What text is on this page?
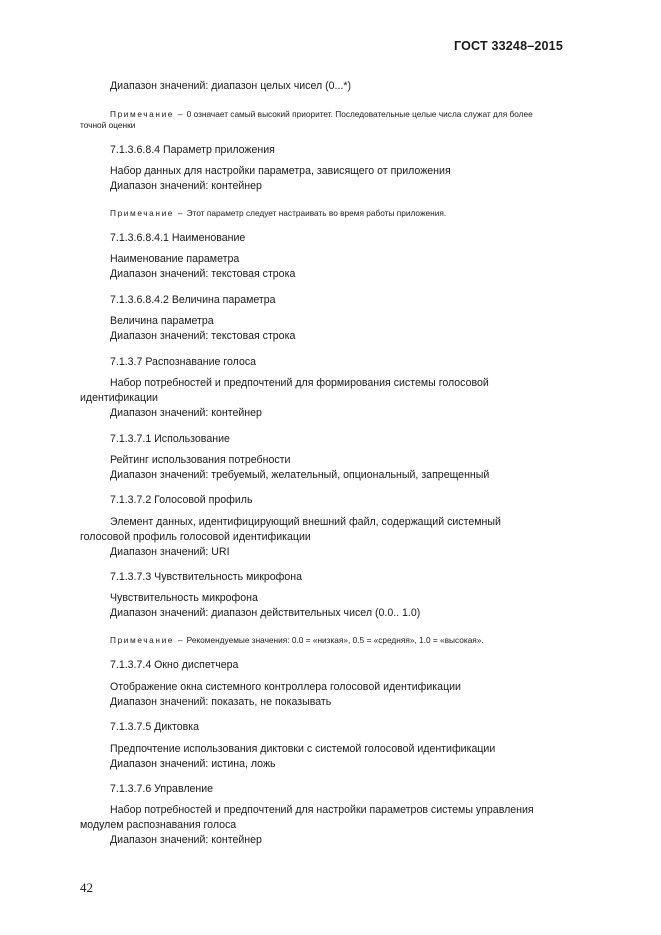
ГОСТ 33248–2015
Диапазон значений: диапазон целых чисел (0...*)
Примечание – 0 означает самый высокий приоритет. Последовательные целые числа служат для более
точной оценки
7.1.3.6.8.4 Параметр приложения
Набор данных для настройки параметра, зависящего от приложения
Диапазон значений: контейнер
Примечание – Этот параметр следует настраивать во время работы приложения.
7.1.3.6.8.4.1 Наименование
Наименование параметра
Диапазон значений: текстовая строка
7.1.3.6.8.4.2 Величина параметра
Величина параметра
Диапазон значений: текстовая строка
7.1.3.7 Распознавание голоса
Набор потребностей и предпочтений для формирования системы голосовой
идентификации
Диапазон значений: контейнер
7.1.3.7.1 Использование
Рейтинг использования потребности
Диапазон значений: требуемый, желательный, опциональный, запрещенный
7.1.3.7.2 Голосовой профиль
Элемент данных, идентифицирующий внешний файл, содержащий системный
голосовой профиль голосовой идентификации
Диапазон значений: URI
7.1.3.7.3 Чувствительность микрофона
Чувствительность микрофона
Диапазон значений: диапазон действительных чисел (0.0.. 1.0)
Примечание – Рекомендуемые значения: 0.0 = «низкая», 0.5 = «средняя», 1.0 = «высокая».
7.1.3.7.4 Окно диспетчера
Отображение окна системного контроллера голосовой идентификации
Диапазон значений: показать, не показывать
7.1.3.7.5 Диктовка
Предпочтение использования диктовки с системой голосовой идентификации
Диапазон значений: истина, ложь
7.1.3.7.6 Управление
Набор потребностей и предпочтений для настройки параметров системы управления
модулем распознавания голоса
Диапазон значений: контейнер
42
